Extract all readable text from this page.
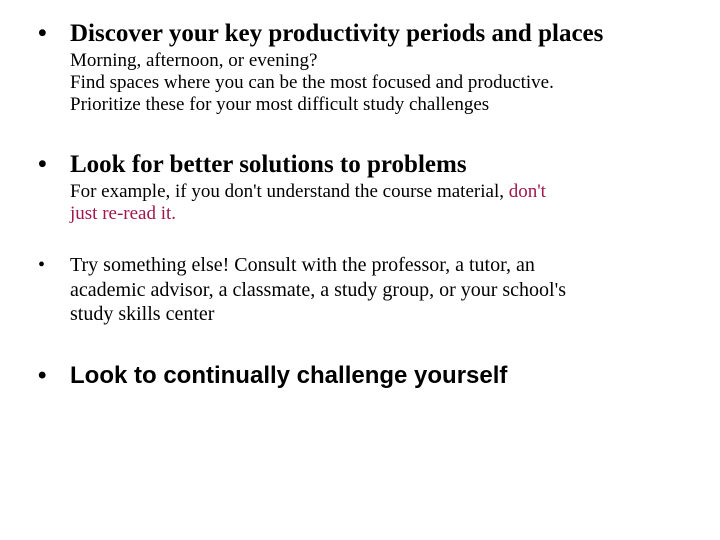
• Discover your key productivity periods and places
Morning, afternoon, or evening?
Find spaces where you can be the most focused and productive.
Prioritize these for your most difficult study challenges
• Look for better solutions to problems
For example, if you don't understand the course material, don't
just re-read it.
• Try something else! Consult with the professor, a tutor, an
academic advisor, a classmate, a study group, or your school's
study skills center
• Look to continually challenge yourself
